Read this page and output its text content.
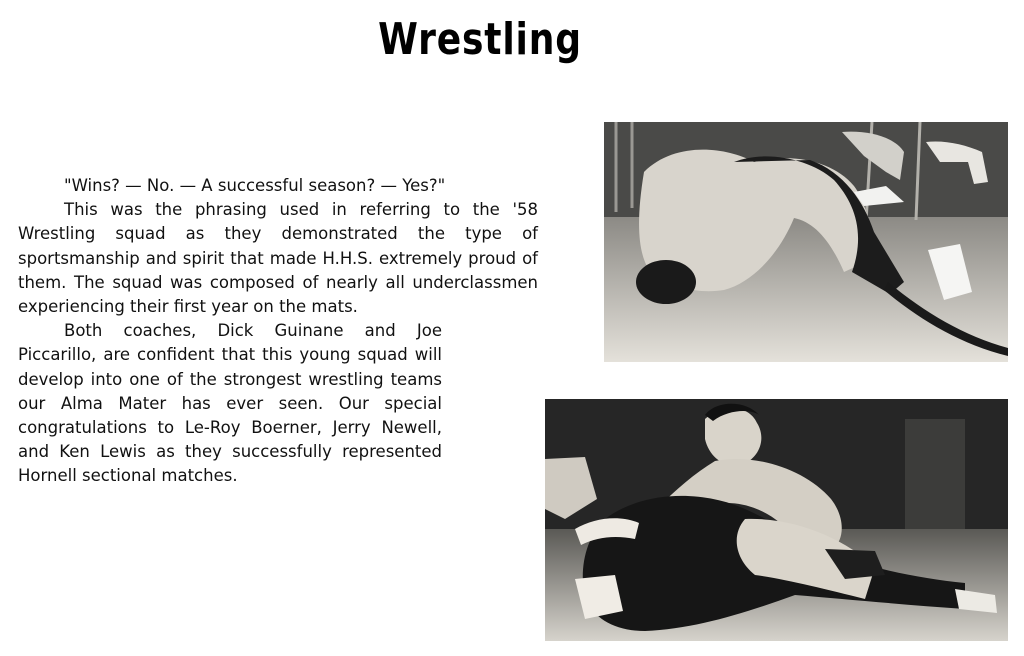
Wrestling

"Wins? — No. — A successful season? — Yes?"

This was the phrasing used in referring to the '58 Wrestling squad as they demonstrated the type of sportsmanship and spirit that made H.H.S. extremely proud of them. The squad was composed of nearly all underclassmen experiencing their first year on the mats.

Both coaches, Dick Guinane and Joe Piccarillo, are confident that this young squad will develop into one of the strongest wrestling teams our Alma Mater has ever seen. Our special congratulations to Le-Roy Boerner, Jerry Newell, and Ken Lewis as they successfully represented Hornell sectional matches.
